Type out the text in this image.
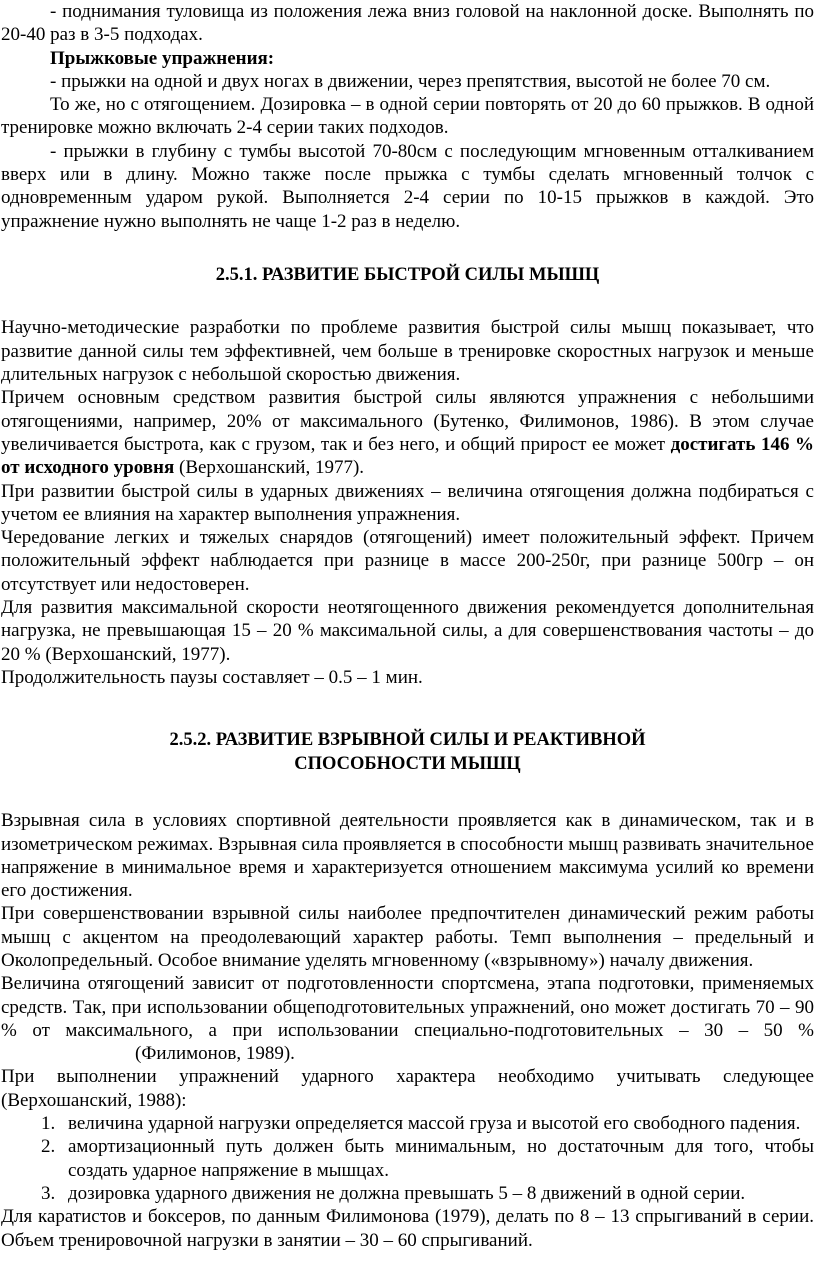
- поднимания туловища из положения лежа вниз головой на наклонной доске. Выполнять по 20-40 раз в 3-5 подходах.

Прыжковые упражнения:

- прыжки на одной и двух ногах в движении, через препятствия, высотой не более 70 см.

То же, но с отягощением. Дозировка – в одной серии повторять от 20 до 60 прыжков. В одной тренировке можно включать 2-4 серии таких подходов.

- прыжки в глубину с тумбы высотой 70-80см с последующим мгновенным отталкиванием вверх или в длину. Можно также после прыжка с тумбы сделать мгновенный толчок с одновременным ударом рукой. Выполняется 2-4 серии по 10-15 прыжков в каждой. Это упражнение нужно выполнять не чаще 1-2 раз в неделю.

2.5.1. РАЗВИТИЕ БЫСТРОЙ СИЛЫ МЫШЦ

Научно-методические разработки по проблеме развития быстрой силы мышц показывает, что развитие данной силы тем эффективней, чем больше в тренировке скоростных нагрузок и меньше длительных нагрузок с небольшой скоростью движения.

Причем основным средством развития быстрой силы являются упражнения с небольшими отягощениями, например, 20% от максимального (Бутенко, Филимонов, 1986). В этом случае увеличивается быстрота, как с грузом, так и без него, и общий прирост ее может достигать 146 % от исходного уровня (Верхошанский, 1977).

При развитии быстрой силы в ударных движениях – величина отягощения должна подбираться с учетом ее влияния на характер выполнения упражнения.

Чередование легких и тяжелых снарядов (отягощений) имеет положительный эффект. Причем положительный эффект наблюдается при разнице в массе 200-250г, при разнице 500гр – он отсутствует или недостоверен.

Для развития максимальной скорости неотягощенного движения рекомендуется дополнительная нагрузка, не превышающая 15 – 20 % максимальной силы, а для совершенствования частоты – до 20 % (Верхошанский, 1977).

Продолжительность паузы составляет – 0.5 – 1 мин.

2.5.2. РАЗВИТИЕ ВЗРЫВНОЙ СИЛЫ И РЕАКТИВНОЙ
СПОСОБНОСТИ МЫШЦ

Взрывная сила в условиях спортивной деятельности проявляется как в динамическом, так и в изометрическом режимах. Взрывная сила проявляется в способности мышц развивать значительное напряжение в минимальное время и характеризуется отношением максимума усилий ко времени его достижения.

При совершенствовании взрывной силы наиболее предпочтителен динамический режим работы мышц с акцентом на преодолевающий характер работы. Темп выполнения – предельный и Околопредельный. Особое внимание уделять мгновенному («взрывному») началу движения.

Величина отягощений зависит от подготовленности спортсмена, этапа подготовки, применяемых средств. Так, при использовании общеподготовительных упражнений, оно может достигать 70 – 90 % от максимального, а при использовании специально-подготовительных – 30 – 50 %(Филимонов, 1989).

При выполнении упражнений ударного характера необходимо учитывать следующее (Верхошанский, 1988):

1. величина ударной нагрузки определяется массой груза и высотой его свободного падения.
2. амортизационный путь должен быть минимальным, но достаточным для того, чтобы создать ударное напряжение в мышцах.
3. дозировка ударного движения не должна превышать 5 – 8 движений в одной серии.

Для каратистов и боксеров, по данным Филимонова (1979), делать по 8 – 13 спрыгиваний в серии. Объем тренировочной нагрузки в занятии – 30 – 60 спрыгиваний.
